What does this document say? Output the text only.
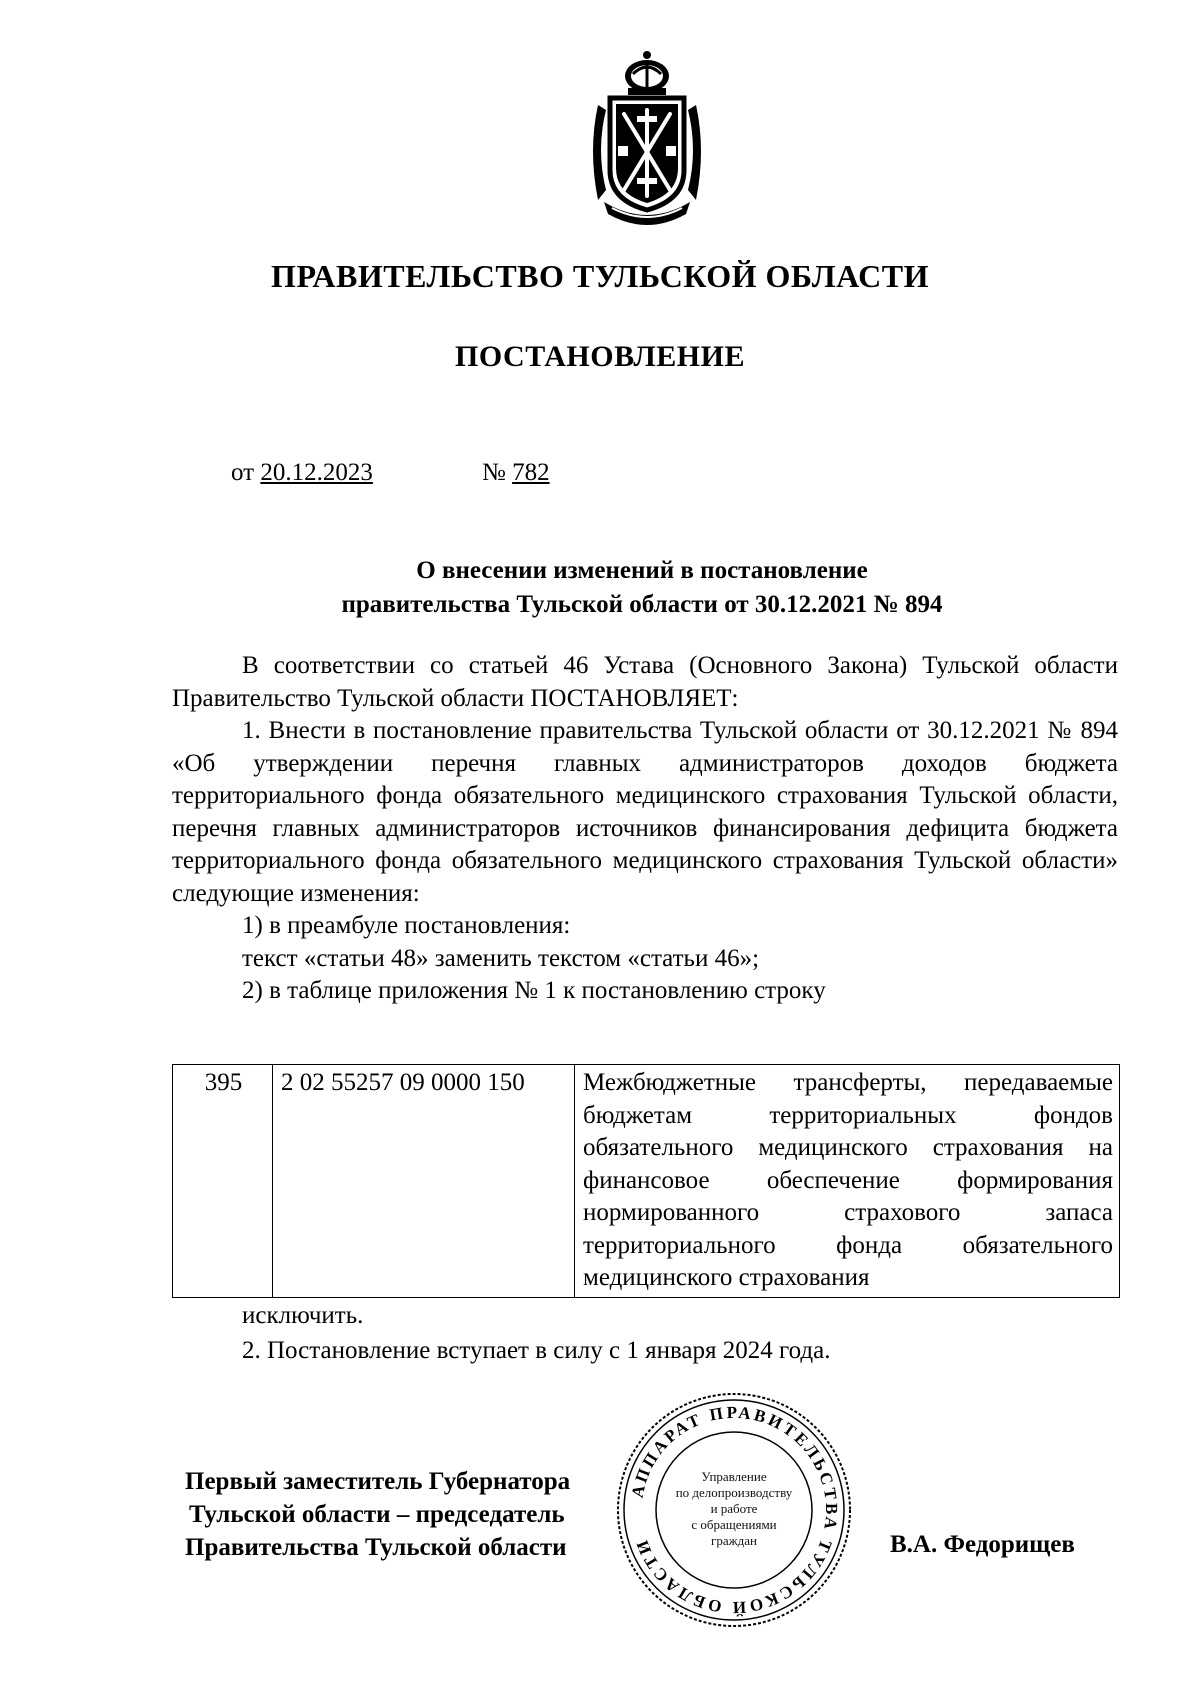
ПРАВИТЕЛЬСТВО ТУЛЬСКОЙ ОБЛАСТИ
ПОСТАНОВЛЕНИЕ
от 20.12.2023	№ 782
О внесении изменений в постановление
правительства Тульской области от 30.12.2021 № 894

В соответствии со статьей 46 Устава (Основного Закона) Тульской области Правительство Тульской области ПОСТАНОВЛЯЕТ:

1. Внести в постановление правительства Тульской области от 30.12.2021 № 894 «Об утверждении перечня главных администраторов доходов бюджета территориального фонда обязательного медицинского страхования Тульской области, перечня главных администраторов источников финансирования дефицита бюджета территориального фонда обязательного медицинского страхования Тульской области» следующие изменения:

1) в преамбуле постановления:

текст «статьи 48» заменить текстом «статьи 46»;

2) в таблице приложения № 1 к постановлению строку

395	2 02 55257 09 0000 150	Межбюджетные трансферты, передаваемые бюджетам территориальных фондов обязательного медицинского страхования на финансовое обеспечение формирования нормированного страхового запаса территориального фонда обязательного медицинского страхования
исключить.
2. Постановление вступает в силу с 1 января 2024 года.
Первый заместитель Губернатора
Тульской области – председатель
Правительства Тульской области	В.А. Федорищев
АППАРАТ ПРАВИТЕЛЬСТВА ТУЛЬСКОЙ ОБЛАСТИ
Управление
по делопроизводству
и работе
с обращениями
граждан
